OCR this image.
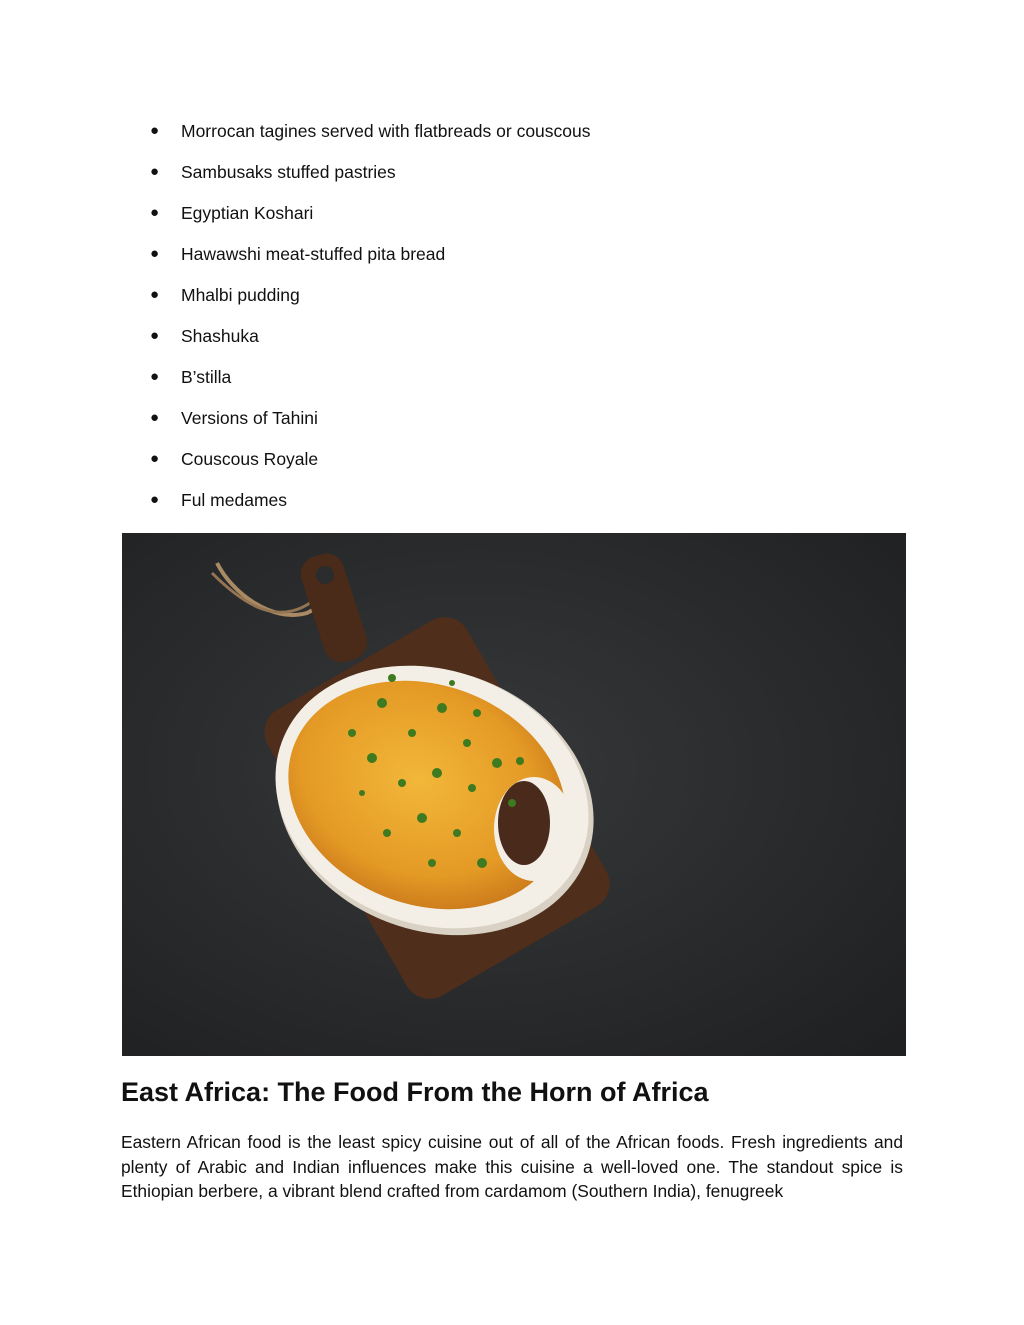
●	Morrocan tagines served with flatbreads or couscous
●	Sambusaks stuffed pastries
●	Egyptian Koshari
●	Hawawshi meat-stuffed pita bread
●	Mhalbi pudding
●	Shashuka
●	B’stilla
●	Versions of Tahini
●	Couscous Royale
●	Ful medames
East Africa: The Food From the Horn of Africa

Eastern African food is the least spicy cuisine out of all of the African foods. Fresh ingredients and plenty of Arabic and Indian influences make this cuisine a well-loved one. The standout spice is Ethiopian berbere, a vibrant blend crafted from cardamom (Southern India), fenugreek
